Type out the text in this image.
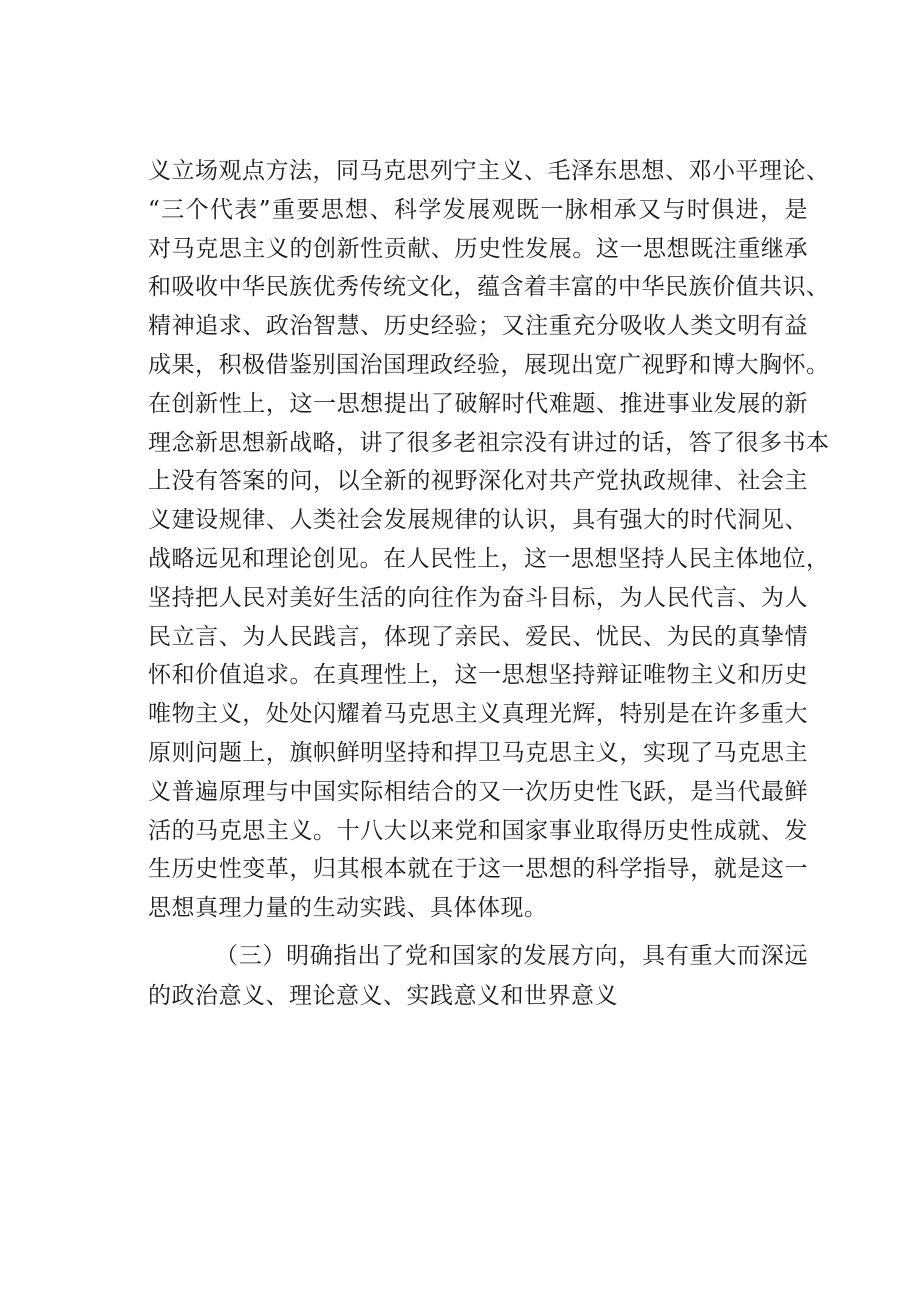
义立场观点方法，同马克思列宁主义、毛泽东思想、邓小平理论、
“三个代表”重要思想、科学发展观既一脉相承又与时俱进，是
对马克思主义的创新性贡献、历史性发展。这一思想既注重继承
和吸收中华民族优秀传统文化，蕴含着丰富的中华民族价值共识、
精神追求、政治智慧、历史经验；又注重充分吸收人类文明有益
成果，积极借鉴别国治国理政经验，展现出宽广视野和博大胸怀。
在创新性上，这一思想提出了破解时代难题、推进事业发展的新
理念新思想新战略，讲了很多老祖宗没有讲过的话，答了很多书本
上没有答案的问，以全新的视野深化对共产党执政规律、社会主
义建设规律、人类社会发展规律的认识，具有强大的时代洞见、
战略远见和理论创见。在人民性上，这一思想坚持人民主体地位，
坚持把人民对美好生活的向往作为奋斗目标，为人民代言、为人
民立言、为人民践言，体现了亲民、爱民、忧民、为民的真挚情
怀和价值追求。在真理性上，这一思想坚持辩证唯物主义和历史
唯物主义，处处闪耀着马克思主义真理光辉，特别是在许多重大
原则问题上，旗帜鲜明坚持和捍卫马克思主义，实现了马克思主
义普遍原理与中国实际相结合的又一次历史性飞跃，是当代最鲜
活的马克思主义。十八大以来党和国家事业取得历史性成就、发
生历史性变革，归其根本就在于这一思想的科学指导，就是这一
思想真理力量的生动实践、具体体现。
（三）明确指出了党和国家的发展方向，具有重大而深远
的政治意义、理论意义、实践意义和世界意义
